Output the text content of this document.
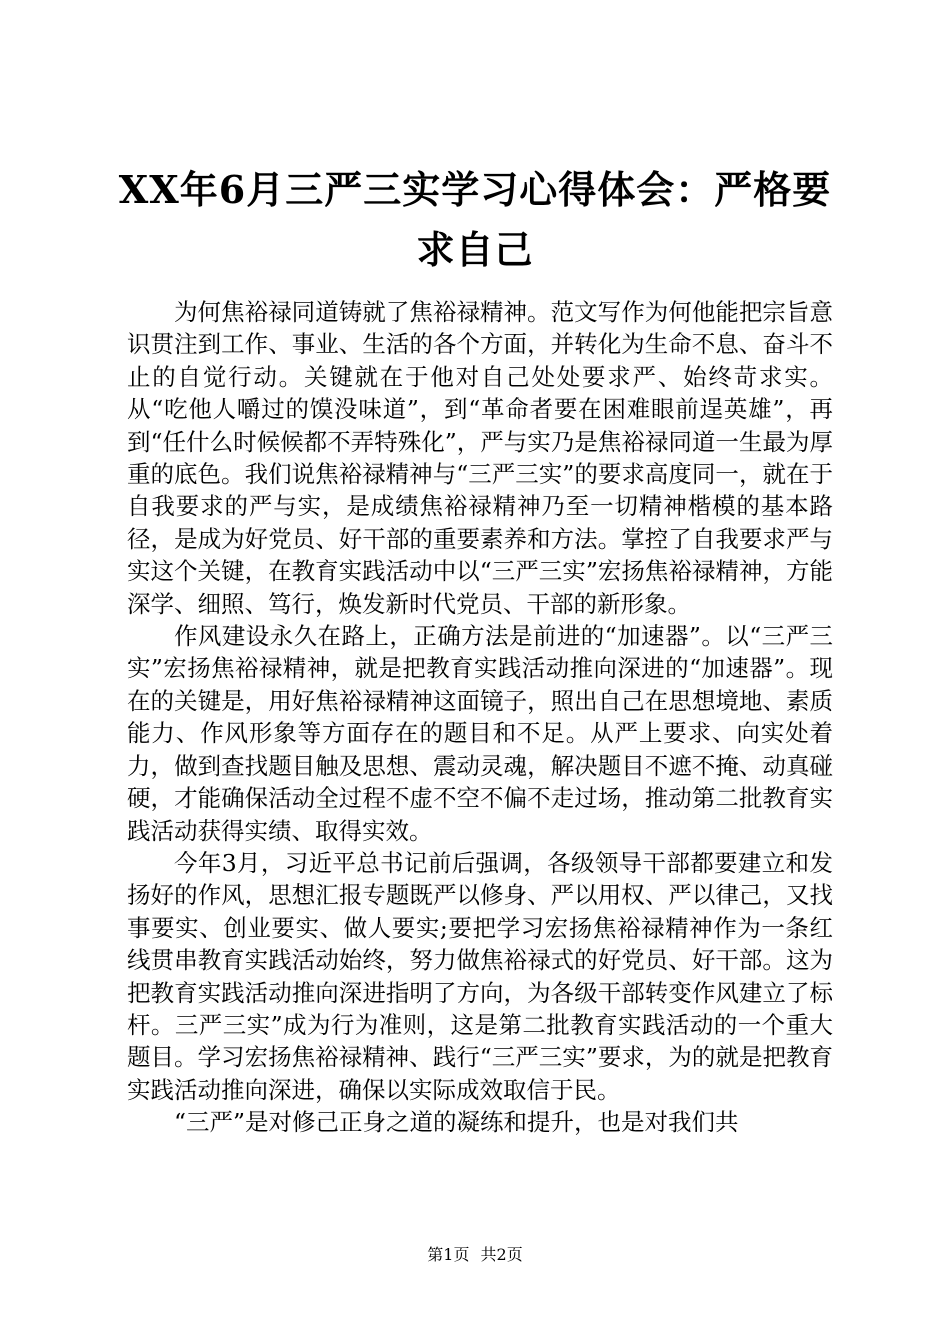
XX年6月三严三实学习心得体会：严格要求自己

为何焦裕禄同道铸就了焦裕禄精神。范文写作为何他能把宗旨意识贯注到工作、事业、生活的各个方面，并转化为生命不息、奋斗不止的自觉行动。关键就在于他对自己处处要求严、始终苛求实。从“吃他人嚼过的馍没味道”，到“革命者要在困难眼前逞英雄”，再到“任什么时候候都不弄特殊化”，严与实乃是焦裕禄同道一生最为厚重的底色。我们说焦裕禄精神与“三严三实”的要求高度同一，就在于自我要求的严与实，是成绩焦裕禄精神乃至一切精神楷模的基本路径，是成为好党员、好干部的重要素养和方法。掌控了自我要求严与实这个关键，在教育实践活动中以“三严三实”宏扬焦裕禄精神，方能深学、细照、笃行，焕发新时代党员、干部的新形象。

作风建设永久在路上，正确方法是前进的“加速器”。以“三严三实”宏扬焦裕禄精神，就是把教育实践活动推向深进的“加速器”。现在的关键是，用好焦裕禄精神这面镜子，照出自己在思想境地、素质能力、作风形象等方面存在的题目和不足。从严上要求、向实处着力，做到查找题目触及思想、震动灵魂，解决题目不遮不掩、动真碰硬，才能确保活动全过程不虚不空不偏不走过场，推动第二批教育实践活动获得实绩、取得实效。

今年3月，习近平总书记前后强调，各级领导干部都要建立和发扬好的作风，思想汇报专题既严以修身、严以用权、严以律己，又找事要实、创业要实、做人要实;要把学习宏扬焦裕禄精神作为一条红线贯串教育实践活动始终，努力做焦裕禄式的好党员、好干部。这为把教育实践活动推向深进指明了方向，为各级干部转变作风建立了标杆。三严三实”成为行为准则，这是第二批教育实践活动的一个重大题目。学习宏扬焦裕禄精神、践行“三严三实”要求，为的就是把教育实践活动推向深进，确保以实际成效取信于民。

“三严”是对修己正身之道的凝练和提升，也是对我们共

第1页 共2页
